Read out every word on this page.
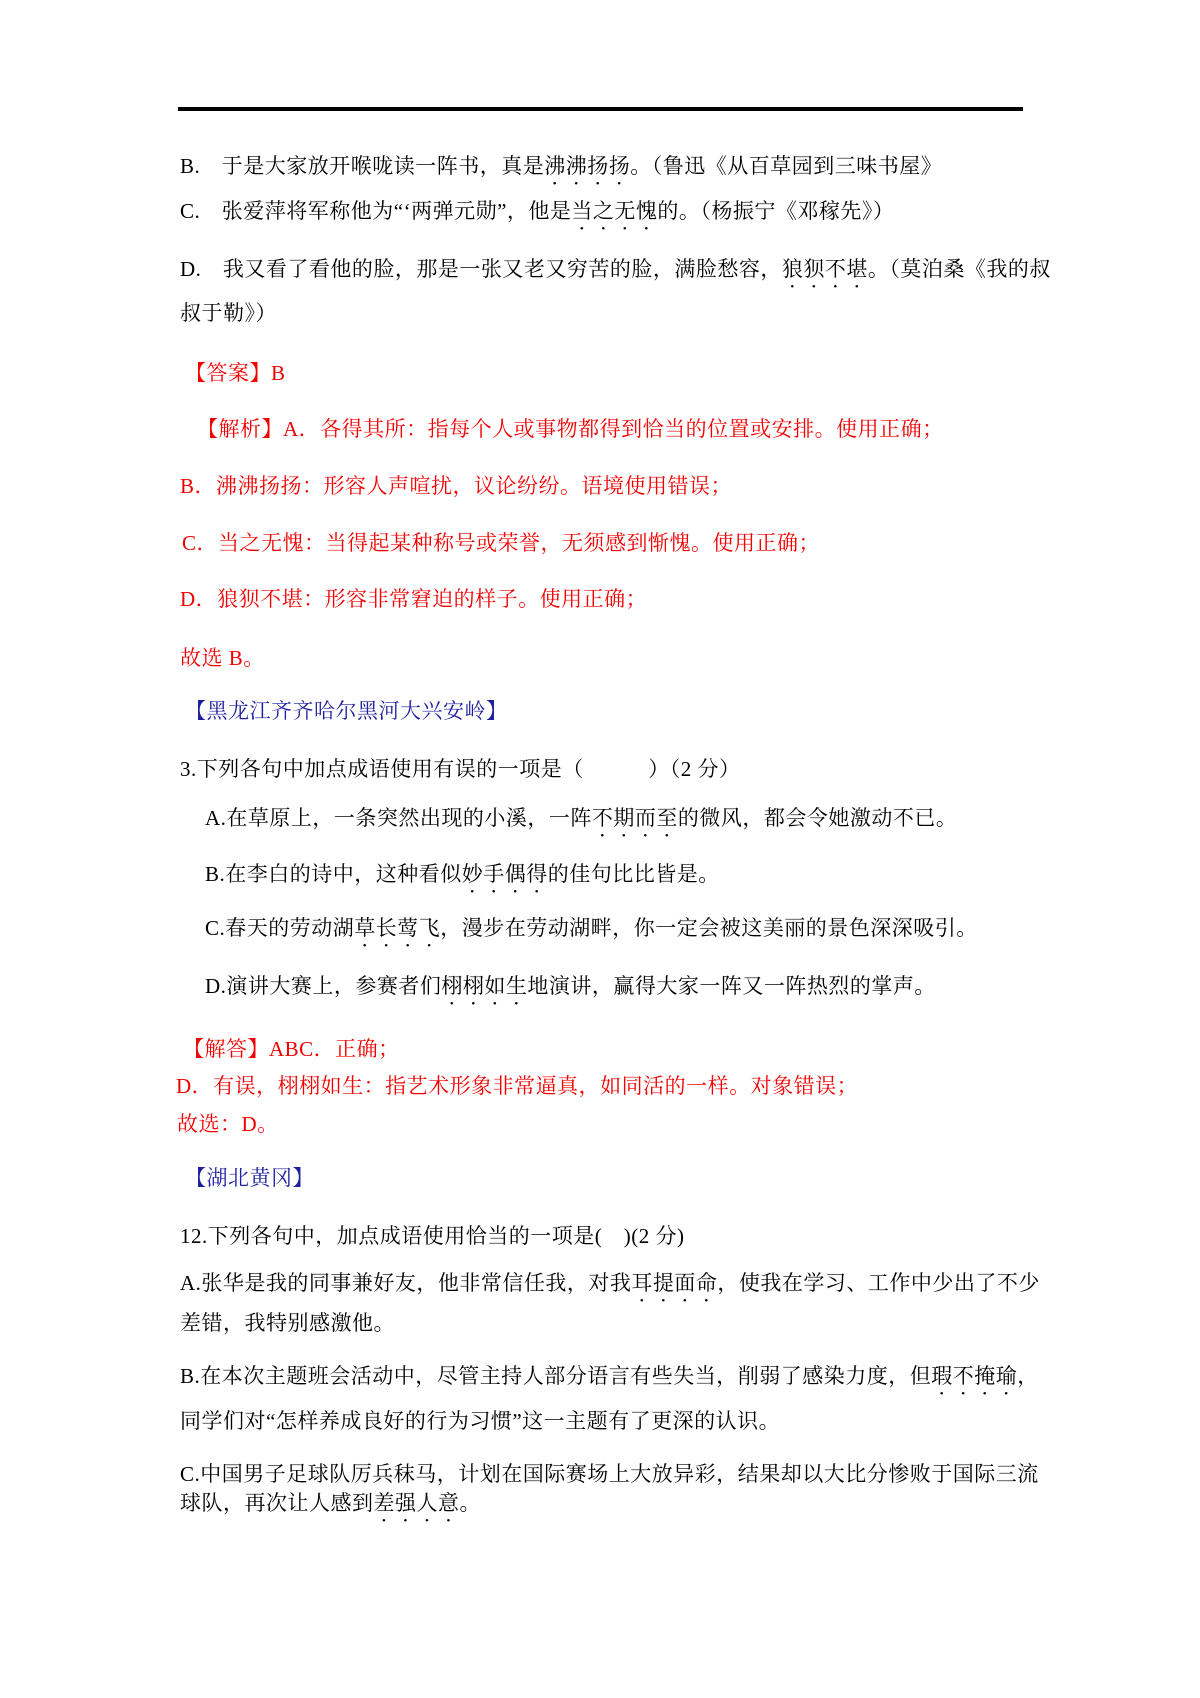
B.　于是大家放开喉咙读一阵书，真是沸沸扬扬。（鲁迅《从百草园到三味书屋》
C.　张爱萍将军称他为“‘两弹元勋”，他是当之无愧的。（杨振宁《邓稼先》）
D.　我又看了看他的脸，那是一张又老又穷苦的脸，满脸愁容，狼狈不堪。（莫泊桑《我的叔
叔于勒》）
【答案】B
【解析】A．各得其所：指每个人或事物都得到恰当的位置或安排。使用正确；
B．沸沸扬扬：形容人声喧扰，议论纷纷。语境使用错误；
C．当之无愧：当得起某种称号或荣誉，无须感到惭愧。使用正确；
D．狼狈不堪：形容非常窘迫的样子。使用正确；
故选 B。
【黑龙江齐齐哈尔黑河大兴安岭】
3.下列各句中加点成语使用有误的一项是（　　　）（2 分）
A.在草原上，一条突然出现的小溪，一阵不期而至的微风，都会令她激动不已。
B.在李白的诗中，这种看似妙手偶得的佳句比比皆是。
C.春天的劳动湖草长莺飞，漫步在劳动湖畔，你一定会被这美丽的景色深深吸引。
D.演讲大赛上，参赛者们栩栩如生地演讲，赢得大家一阵又一阵热烈的掌声。
【解答】ABC．正确；
D．有误，栩栩如生：指艺术形象非常逼真，如同活的一样。对象错误；
故选：D。
【湖北黄冈】
12.下列各句中，加点成语使用恰当的一项是(　)(2 分)
A.张华是我的同事兼好友，他非常信任我，对我耳提面命，使我在学习、工作中少出了不少
差错，我特别感激他。
B.在本次主题班会活动中，尽管主持人部分语言有些失当，削弱了感染力度，但瑕不掩瑜，
同学们对“怎样养成良好的行为习惯”这一主题有了更深的认识。
C.中国男子足球队厉兵秣马，计划在国际赛场上大放异彩，结果却以大比分惨败于国际三流
球队，再次让人感到差强人意。
